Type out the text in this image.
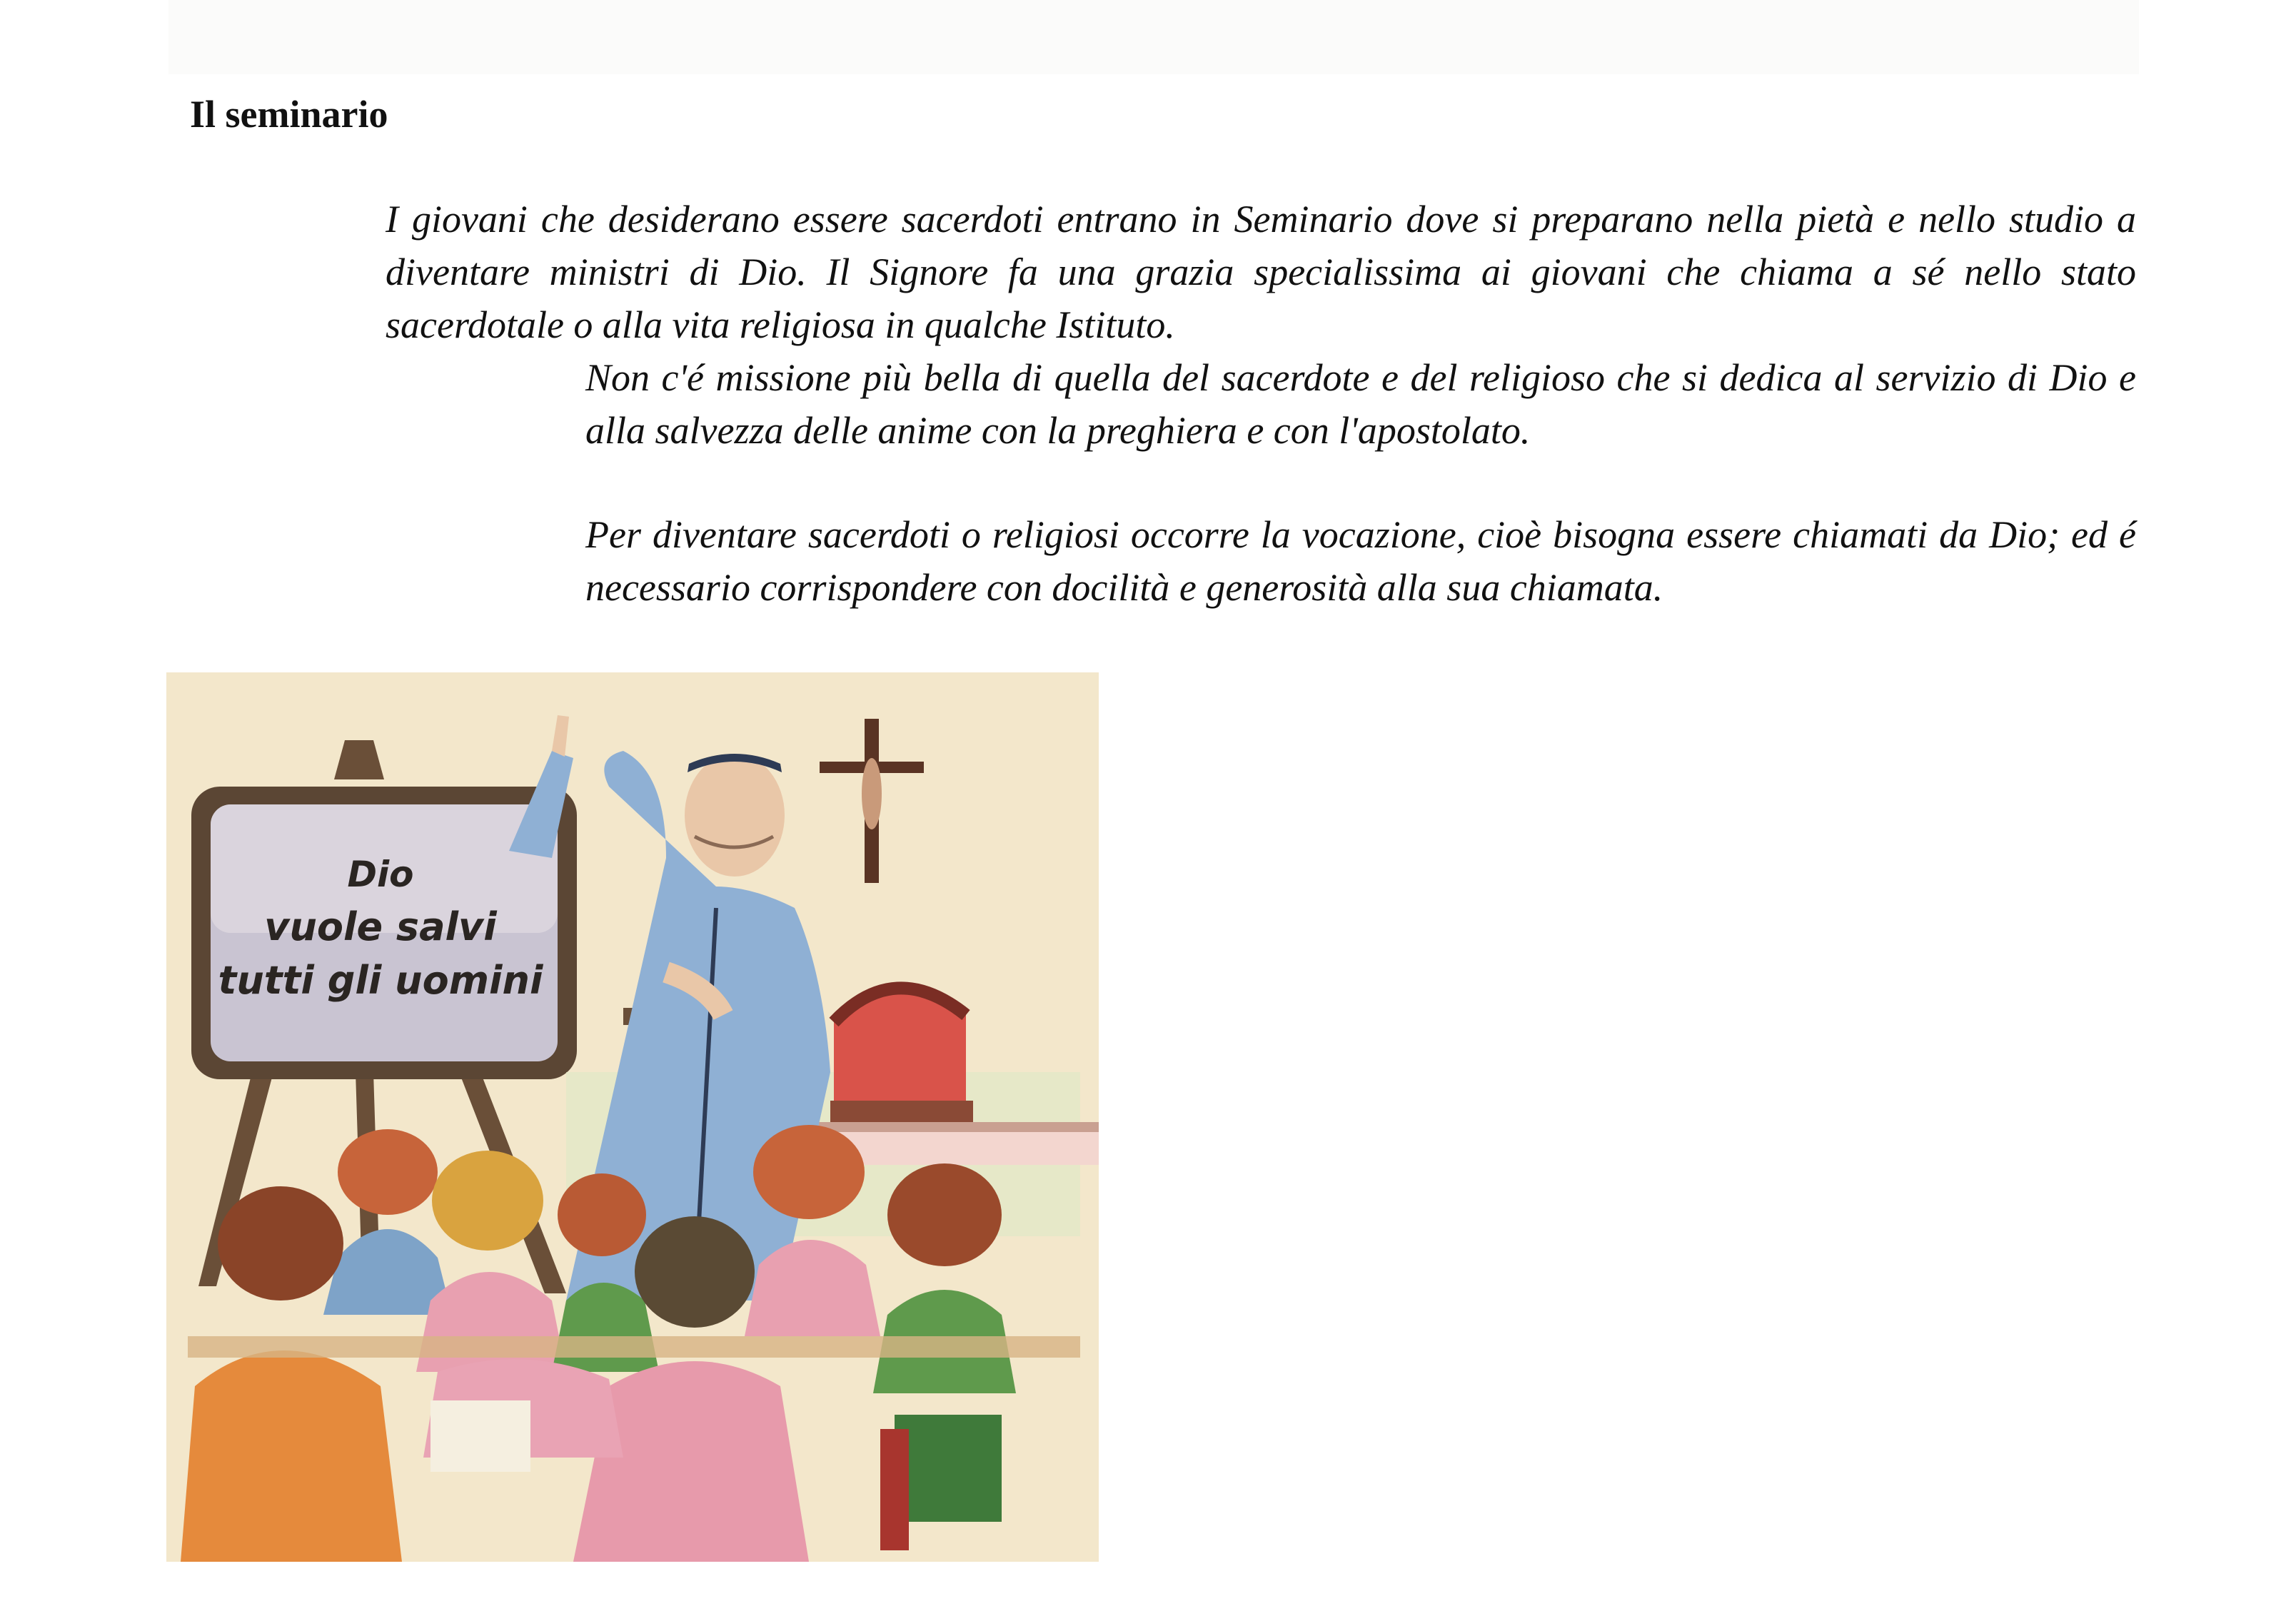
Il seminario

I giovani che desiderano essere sacerdoti entrano in Seminario dove si preparano nella pietà e nello studio a diventare ministri di Dio. Il Signore fa una grazia specialissima ai giovani che chiama a sé nello stato sacerdotale o alla vita religiosa in qualche Istituto.

Non c'é missione più bella di quella del sacerdote e del religioso che si dedica al servizio di Dio e alla salvezza delle anime con la preghiera e con l'apostolato.

Per diventare sacerdoti o religiosi occorre la vocazione, cioè bisogna essere chiamati da Dio; ed é necessario corrispondere con docilità e generosità alla sua chiamata.

Dio
vuole salvi
tutti gli uomini
